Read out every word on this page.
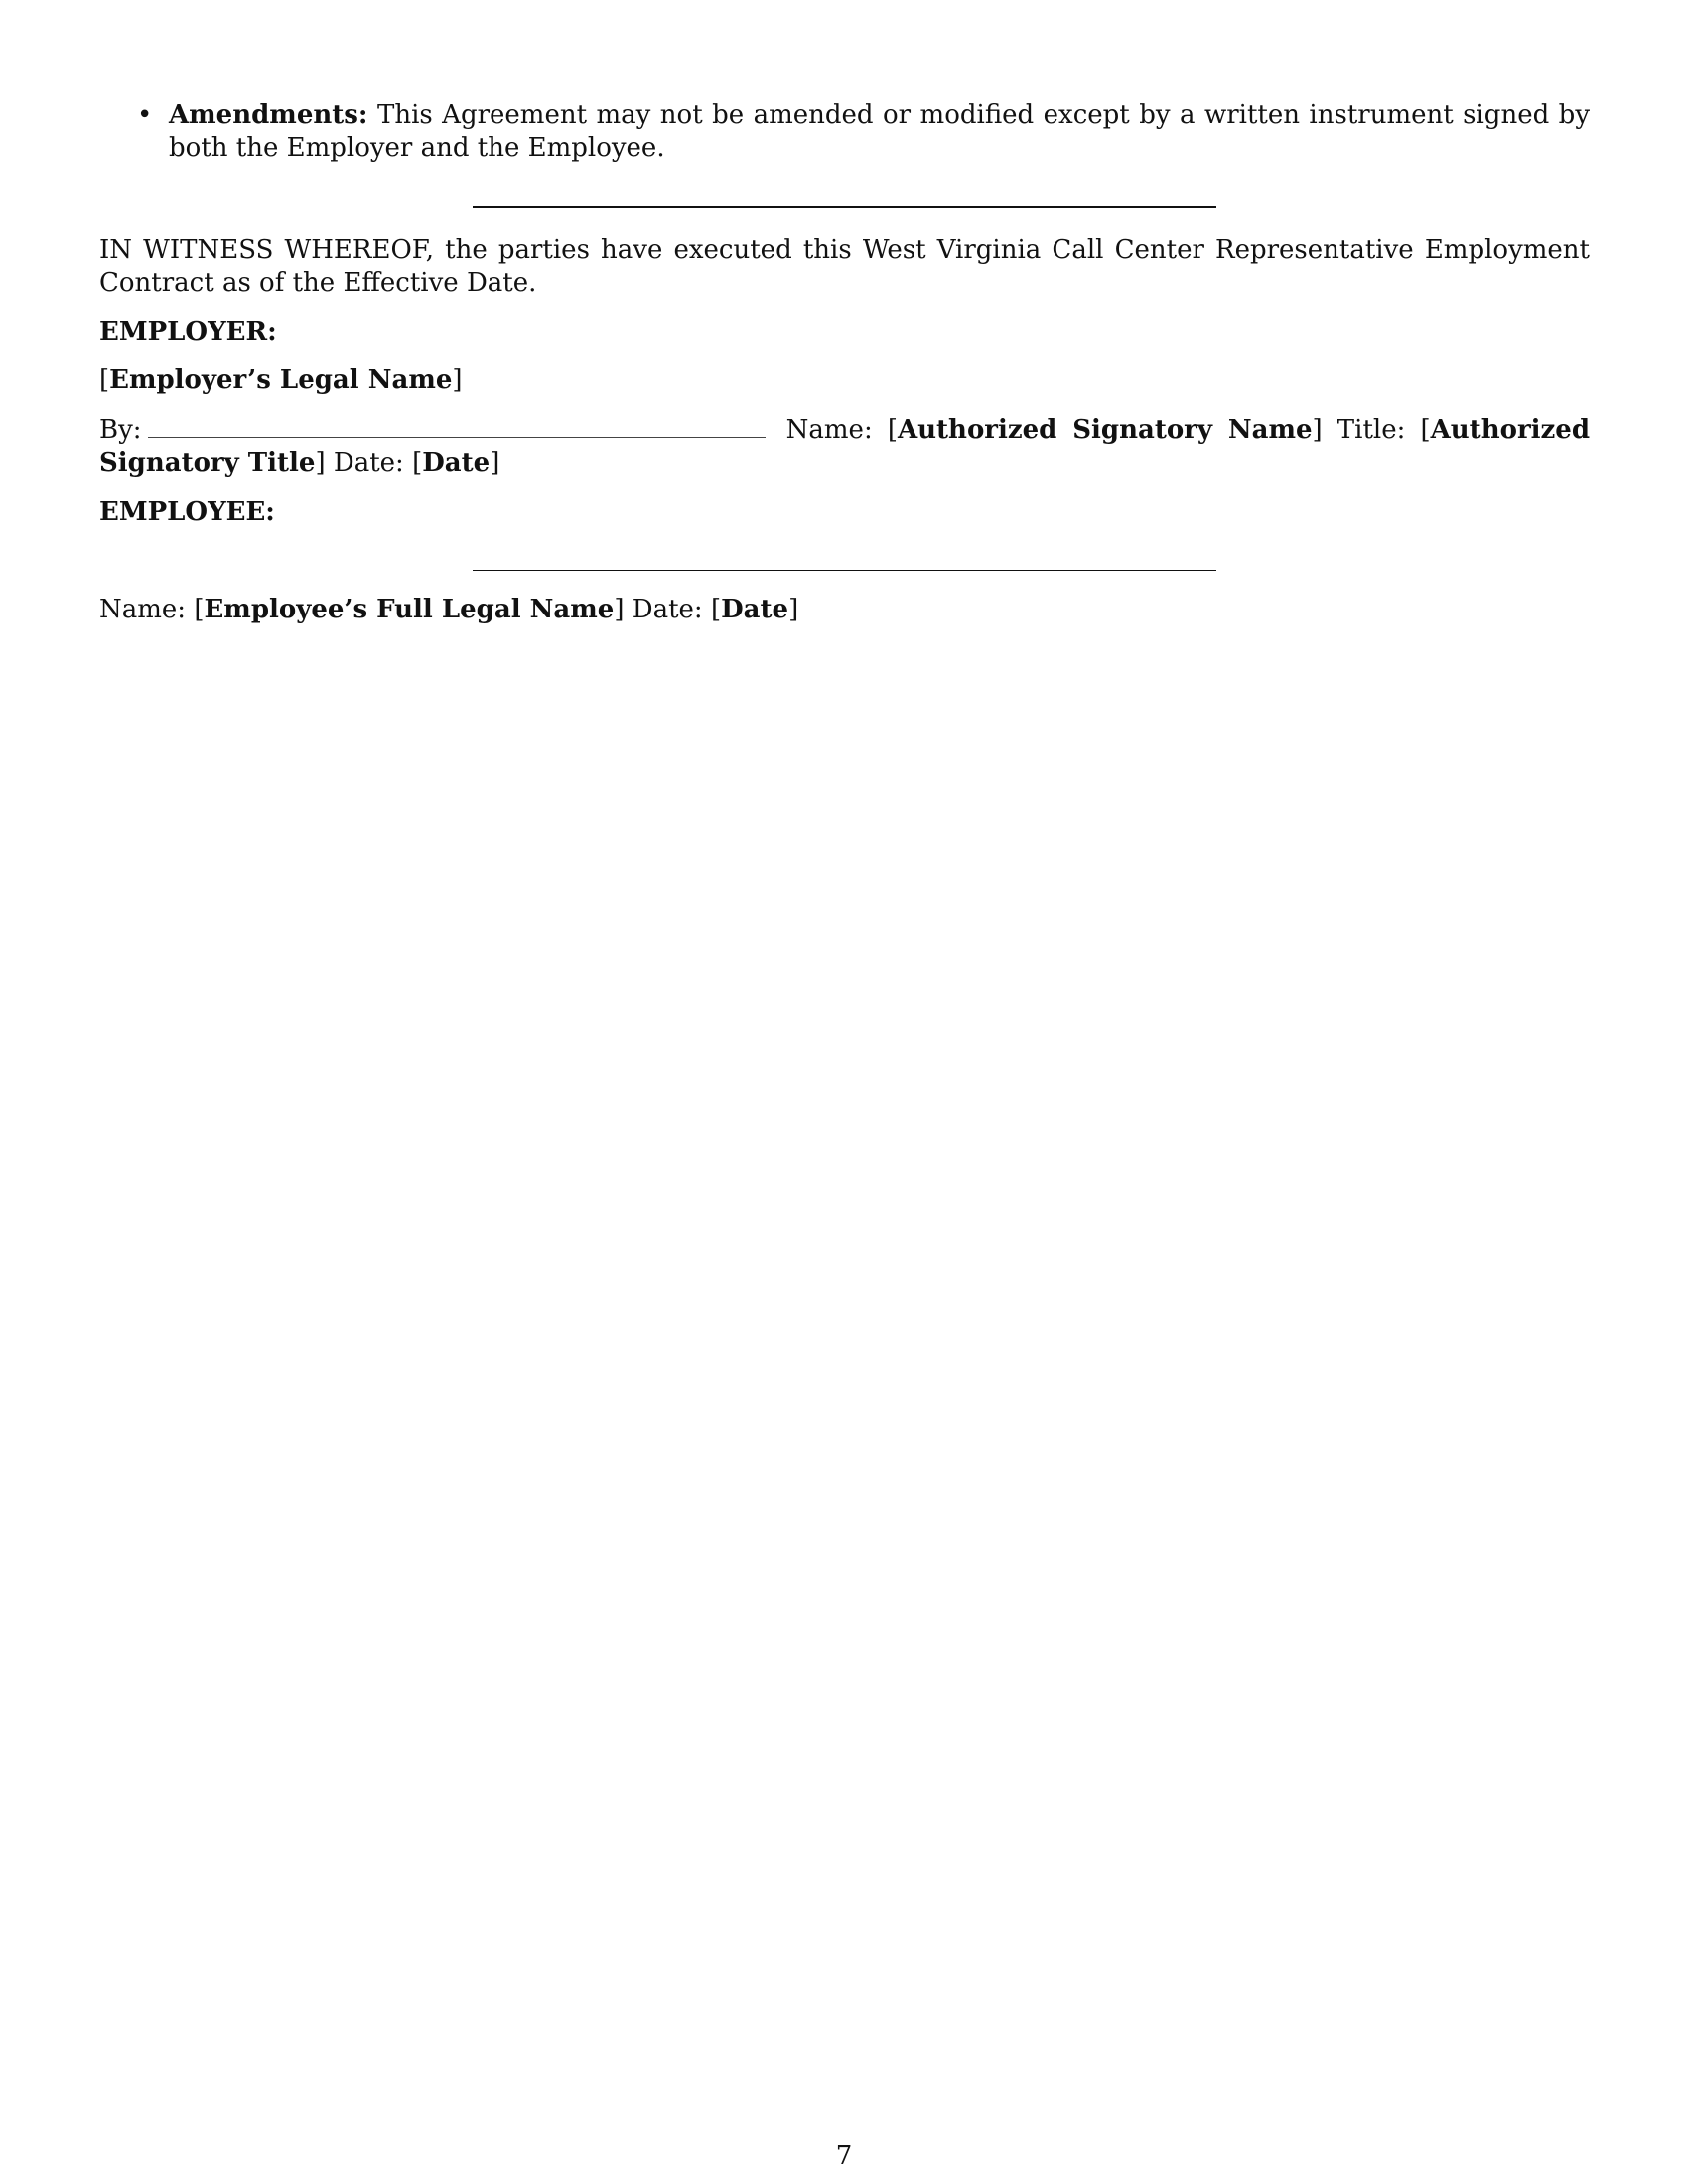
• Amendments: This Agreement may not be amended or modified except by a written instrument signed by both the Employer and the Employee.
IN WITNESS WHEREOF, the parties have executed this West Virginia Call Center Representative Employment Contract as of the Effective Date.
EMPLOYER:
[Employer’s Legal Name]
By:	Name: [Authorized Signatory Name] Title: [Authorized Signatory Title] Date: [Date]
EMPLOYEE:
Name: [Employee’s Full Legal Name] Date: [Date]
7
